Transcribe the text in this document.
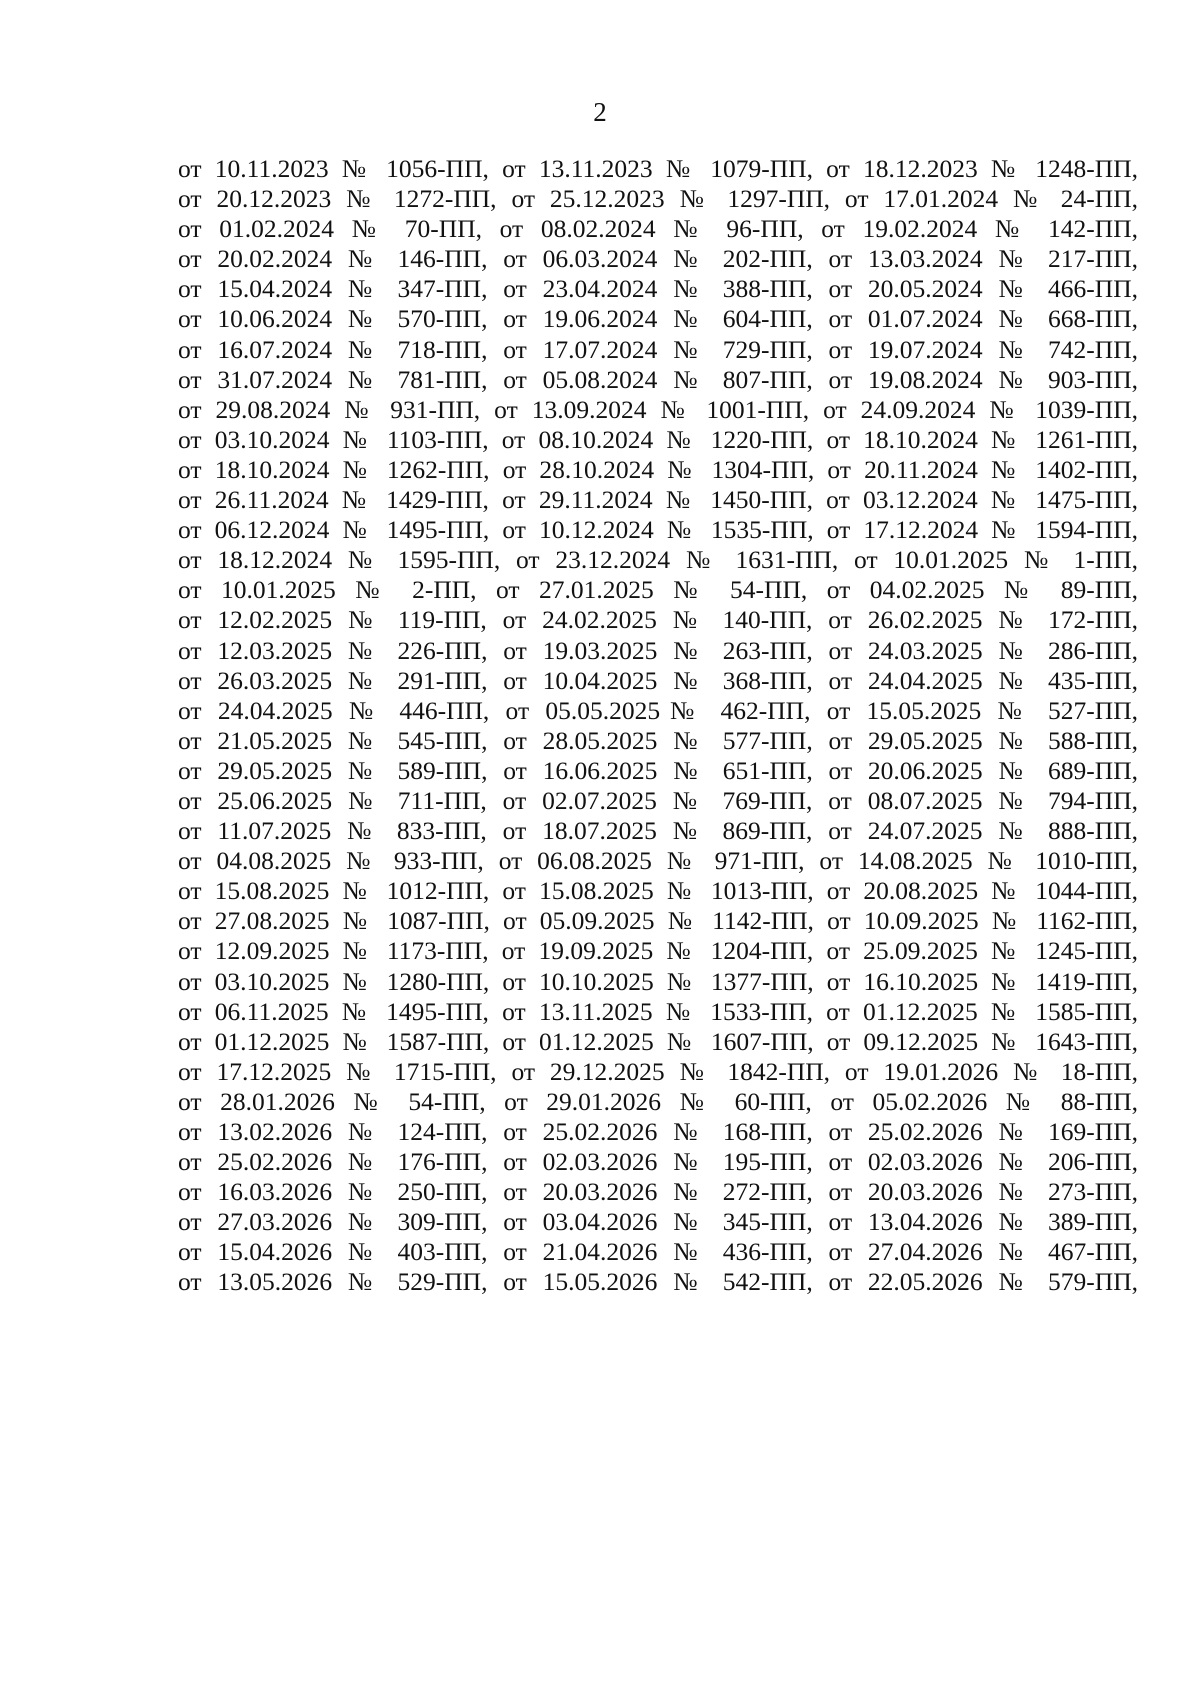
2
от 10.11.2023 № 1056-ПП, от 13.11.2023 № 1079-ПП, от 18.12.2023 № 1248-ПП,
от 20.12.2023 № 1272-ПП, от 25.12.2023 № 1297-ПП, от 17.01.2024 № 24-ПП,
от 01.02.2024 № 70-ПП, от 08.02.2024 № 96-ПП, от 19.02.2024 № 142-ПП,
от 20.02.2024 № 146-ПП, от 06.03.2024 № 202-ПП, от 13.03.2024 № 217-ПП,
от 15.04.2024 № 347-ПП, от 23.04.2024 № 388-ПП, от 20.05.2024 № 466-ПП,
от 10.06.2024 № 570-ПП, от 19.06.2024 № 604-ПП, от 01.07.2024 № 668-ПП,
от 16.07.2024 № 718-ПП, от 17.07.2024 № 729-ПП, от 19.07.2024 № 742-ПП,
от 31.07.2024 № 781-ПП, от 05.08.2024 № 807-ПП, от 19.08.2024 № 903-ПП,
от 29.08.2024 № 931-ПП, от 13.09.2024 № 1001-ПП, от 24.09.2024 № 1039-ПП,
от 03.10.2024 № 1103-ПП, от 08.10.2024 № 1220-ПП, от 18.10.2024 № 1261-ПП,
от 18.10.2024 № 1262-ПП, от 28.10.2024 № 1304-ПП, от 20.11.2024 № 1402-ПП,
от 26.11.2024 № 1429-ПП, от 29.11.2024 № 1450-ПП, от 03.12.2024 № 1475-ПП,
от 06.12.2024 № 1495-ПП, от 10.12.2024 № 1535-ПП, от 17.12.2024 № 1594-ПП,
от 18.12.2024 № 1595-ПП, от 23.12.2024 № 1631-ПП, от 10.01.2025 № 1-ПП,
от 10.01.2025 № 2-ПП, от 27.01.2025 № 54-ПП, от 04.02.2025 № 89-ПП,
от 12.02.2025 № 119-ПП, от 24.02.2025 № 140-ПП, от 26.02.2025 № 172-ПП,
от 12.03.2025 № 226-ПП, от 19.03.2025 № 263-ПП, от 24.03.2025 № 286-ПП,
от 26.03.2025 № 291-ПП, от 10.04.2025 № 368-ПП, от 24.04.2025 № 435-ПП,
от 24.04.2025 № 446-ПП, от 05.05.2025№ 462-ПП, от 15.05.2025 № 527-ПП,
от 21.05.2025 № 545-ПП, от 28.05.2025 № 577-ПП, от 29.05.2025 № 588-ПП,
от 29.05.2025 № 589-ПП, от 16.06.2025 № 651-ПП, от 20.06.2025 № 689-ПП,
от 25.06.2025 № 711-ПП, от 02.07.2025 № 769-ПП, от 08.07.2025 № 794-ПП,
от 11.07.2025 № 833-ПП, от 18.07.2025 № 869-ПП, от 24.07.2025 № 888-ПП,
от 04.08.2025 № 933-ПП, от 06.08.2025 № 971-ПП, от 14.08.2025 № 1010-ПП,
от 15.08.2025 № 1012-ПП, от 15.08.2025 № 1013-ПП, от 20.08.2025 № 1044-ПП,
от 27.08.2025 № 1087-ПП, от 05.09.2025 № 1142-ПП, от 10.09.2025 № 1162-ПП,
от 12.09.2025 № 1173-ПП, от 19.09.2025 № 1204-ПП, от 25.09.2025 № 1245-ПП,
от 03.10.2025 № 1280-ПП, от 10.10.2025 № 1377-ПП, от 16.10.2025 № 1419-ПП,
от 06.11.2025 № 1495-ПП, от 13.11.2025 № 1533-ПП, от 01.12.2025 № 1585-ПП,
от 01.12.2025 № 1587-ПП, от 01.12.2025 № 1607-ПП, от 09.12.2025 № 1643-ПП,
от 17.12.2025 № 1715-ПП, от 29.12.2025 № 1842-ПП, от 19.01.2026 № 18-ПП,
от 28.01.2026 № 54-ПП, от 29.01.2026 № 60-ПП, от 05.02.2026 № 88-ПП,
от 13.02.2026 № 124-ПП, от 25.02.2026 № 168-ПП, от 25.02.2026 № 169-ПП,
от 25.02.2026 № 176-ПП, от 02.03.2026 № 195-ПП, от 02.03.2026 № 206-ПП,
от 16.03.2026 № 250-ПП, от 20.03.2026 № 272-ПП, от 20.03.2026 № 273-ПП,
от 27.03.2026 № 309-ПП, от 03.04.2026 № 345-ПП, от 13.04.2026 № 389-ПП,
от 15.04.2026 № 403-ПП, от 21.04.2026 № 436-ПП, от 27.04.2026 № 467-ПП,
от 13.05.2026 № 529-ПП, от 15.05.2026 № 542-ПП, от 22.05.2026 № 579-ПП,
